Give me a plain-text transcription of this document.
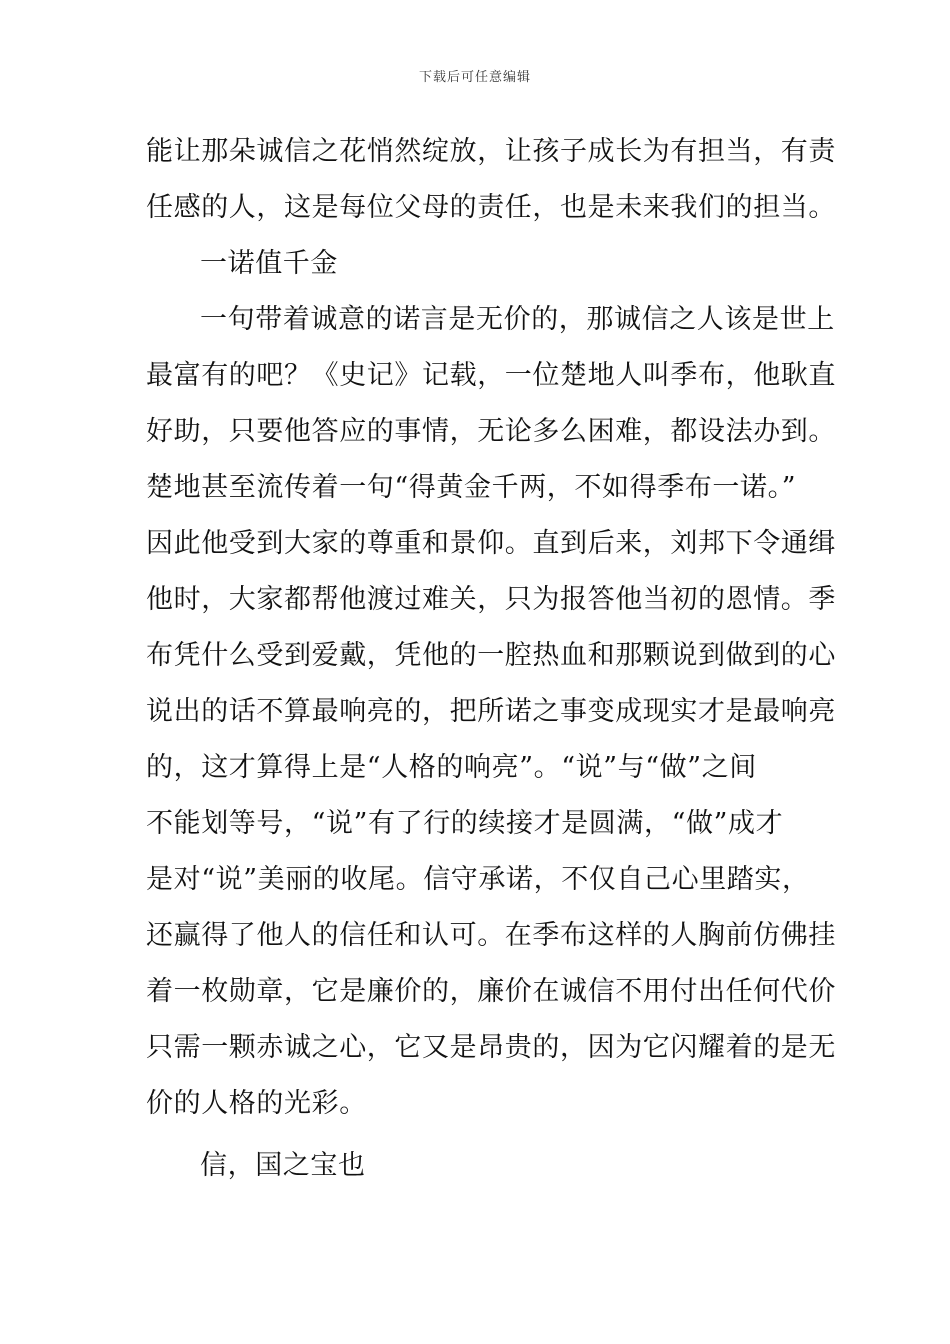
下载后可任意编辑
能让那朵诚信之花悄然绽放，让孩子成长为有担当，有责
任感的人，这是每位父母的责任，也是未来我们的担当。
一诺值千金
一句带着诚意的诺言是无价的，那诚信之人该是世上
最富有的吧？《史记》记载，一位楚地人叫季布，他耿直
好助，只要他答应的事情，无论多么困难，都设法办到。
楚地甚至流传着一句“得黄金千两，不如得季布一诺。”
因此他受到大家的尊重和景仰。直到后来，刘邦下令通缉
他时，大家都帮他渡过难关，只为报答他当初的恩情。季
布凭什么受到爱戴，凭他的一腔热血和那颗说到做到的心
说出的话不算最响亮的，把所诺之事变成现实才是最响亮
的，这才算得上是“人格的响亮”。“说”与“做”之间
不能划等号，“说”有了行的续接才是圆满，“做”成才
是对“说”美丽的收尾。信守承诺，不仅自己心里踏实，
还赢得了他人的信任和认可。在季布这样的人胸前仿佛挂
着一枚勋章，它是廉价的，廉价在诚信不用付出任何代价
只需一颗赤诚之心，它又是昂贵的，因为它闪耀着的是无
价的人格的光彩。
信，国之宝也
